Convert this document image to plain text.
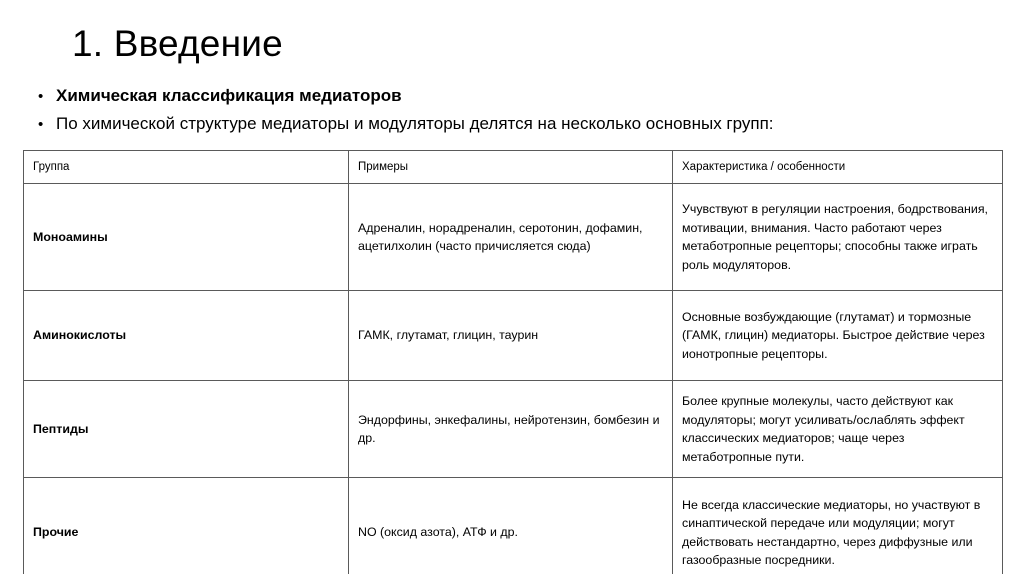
1. Введение
• Химическая классификация медиаторов
• По химической структуре медиаторы и модуляторы делятся на несколько основных групп:
Группа	Примеры	Характеристика / особенности
Моноамины	Адреналин, норадреналин, серотонин, дофамин, ацетилхолин (часто причисляется сюда)	Учувствуют в регуляции настроения, бодрствования, мотивации, внимания. Часто работают через метаботропные рецепторы; способны также играть роль модуляторов.
Аминокислоты	ГАМК, глутамат, глицин, таурин	Основные возбуждающие (глутамат) и тормозные (ГАМК, глицин) медиаторы. Быстрое действие через ионотропные рецепторы.
Пептиды	Эндорфины, энкефалины, нейротензин, бомбезин и др.	Более крупные молекулы, часто действуют как модуляторы; могут усиливать/ослаблять эффект классических медиаторов; чаще через метаботропные пути.
Прочие	NO (оксид азота), АТФ и др.	Не всегда классические медиаторы, но участвуют в синаптической передаче или модуляции; могут действовать нестандартно, через диффузные или газообразные посредники.
